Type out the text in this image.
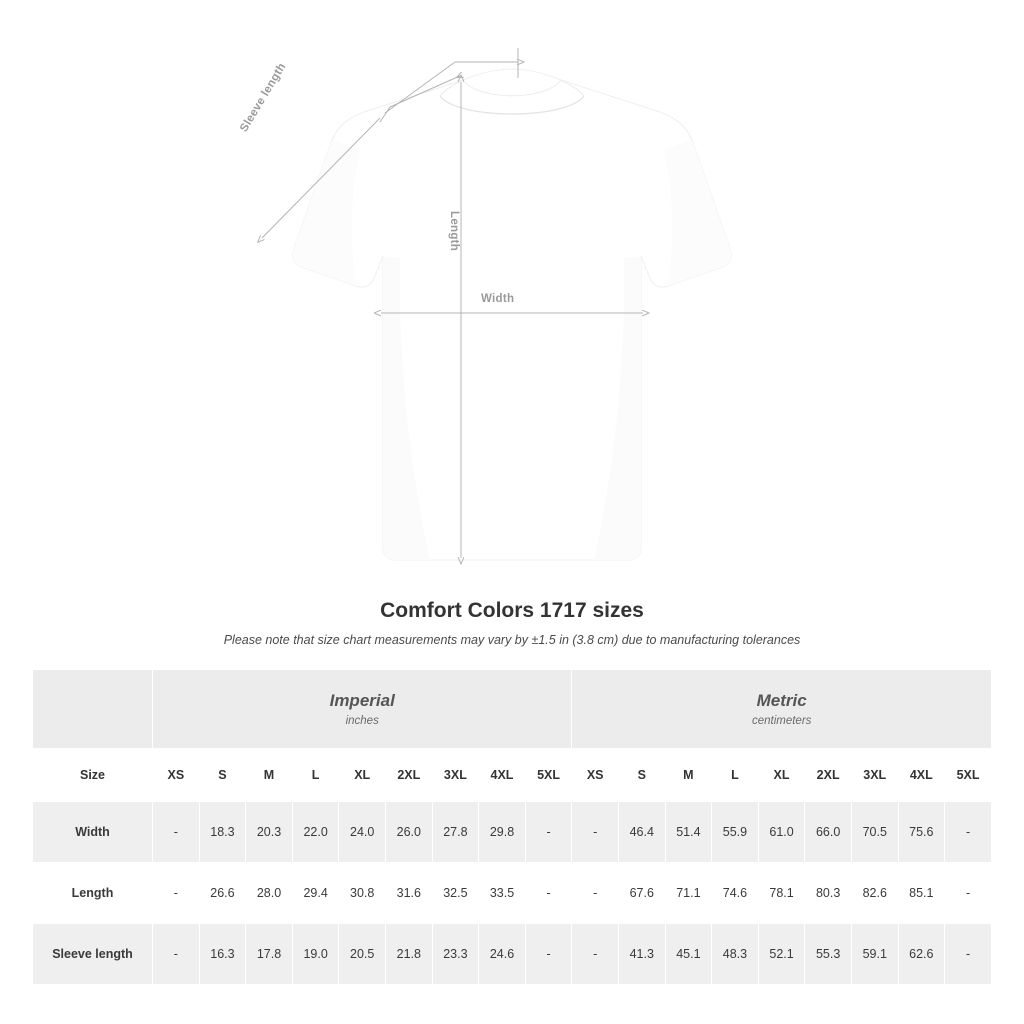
Sleeve length
Length
Width
Comfort Colors 1717 sizes

Please note that size chart measurements may vary by ±1.5 in (3.8 cm) due to manufacturing tolerances

	Imperial
inches									Metric
centimeters								

Size	XS	S	M	L	XL	2XL	3XL	4XL	5XL	XS	S	M	L	XL	2XL	3XL	4XL	5XL
Width	-	18.3	20.3	22.0	24.0	26.0	27.8	29.8	-	-	46.4	51.4	55.9	61.0	66.0	70.5	75.6	-
Length	-	26.6	28.0	29.4	30.8	31.6	32.5	33.5	-	-	67.6	71.1	74.6	78.1	80.3	82.6	85.1	-
Sleeve length	-	16.3	17.8	19.0	20.5	21.8	23.3	24.6	-	-	41.3	45.1	48.3	52.1	55.3	59.1	62.6	-
